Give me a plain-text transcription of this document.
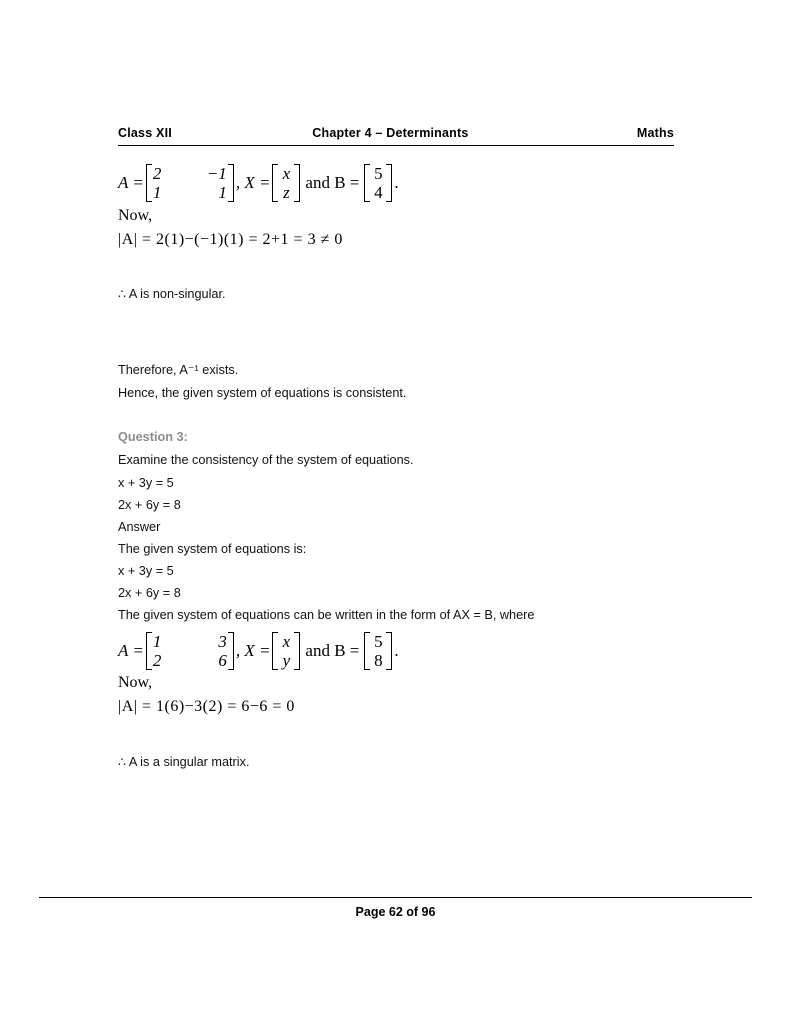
Class XII	Chapter 4 – Determinants	Maths
A = 2	−1
1	1
, X = x
z
and B = 5
4
.
Now,
|A| = 2(1)−(−1)(1) = 2+1 = 3 ≠ 0
∴ A is non-singular.
Therefore, A⁻¹ exists.
Hence, the given system of equations is consistent.
Question 3:
Examine the consistency of the system of equations.
x + 3y = 5
2x + 6y = 8
Answer
The given system of equations is:
x + 3y = 5
2x + 6y = 8
The given system of equations can be written in the form of AX = B, where
A = 1	3
2	6
, X = x
y
and B = 5
8
.
Now,
|A| = 1(6)−3(2) = 6−6 = 0
∴ A is a singular matrix.
Page 62 of 96
